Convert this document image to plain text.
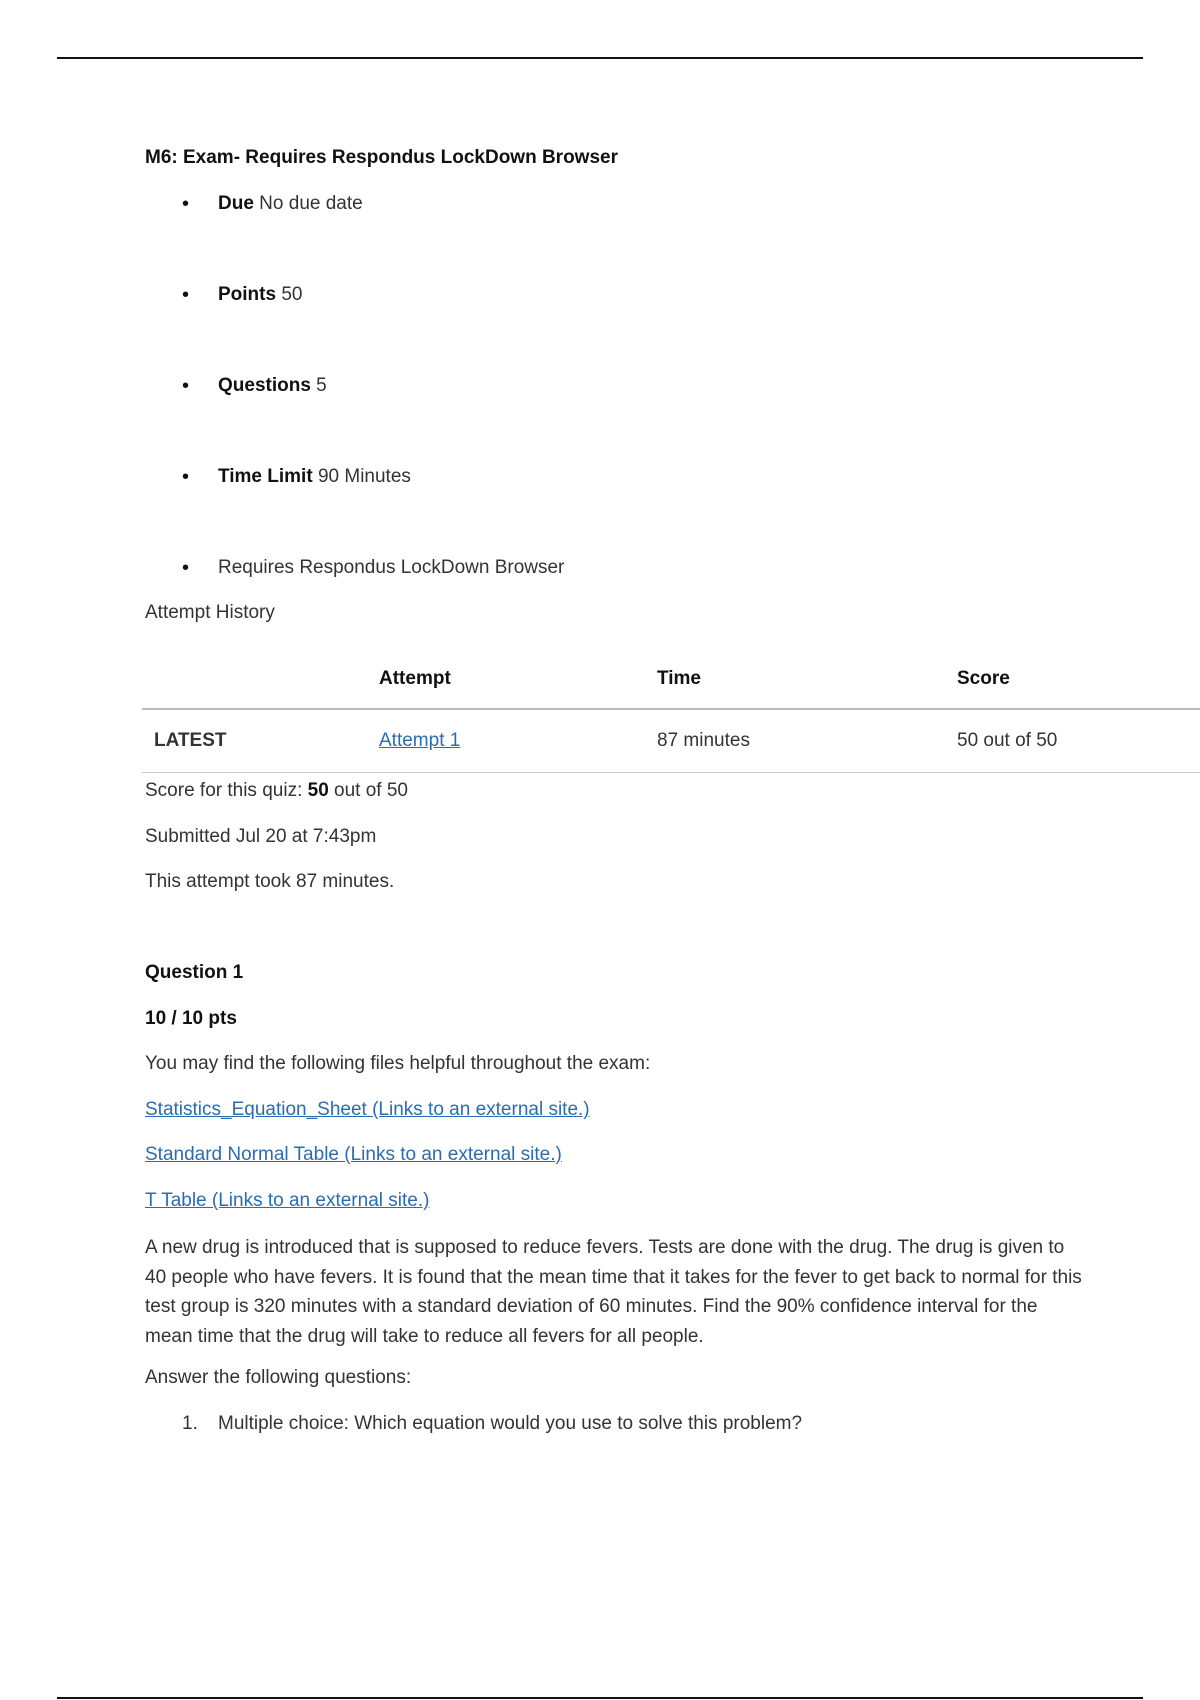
M6: Exam- Requires Respondus LockDown Browser
• Due No due date
• Points 50
• Questions 5
• Time Limit 90 Minutes
• Requires Respondus LockDown Browser
Attempt History
	Attempt	Time	Score
LATEST	Attempt 1	87 minutes	50 out of 50
Score for this quiz: 50 out of 50
Submitted Jul 20 at 7:43pm
This attempt took 87 minutes.
Question 1
10 / 10 pts
You may find the following files helpful throughout the exam:
Statistics_Equation_Sheet (Links to an external site.)
Standard Normal Table (Links to an external site.)
T Table (Links to an external site.)
A new drug is introduced that is supposed to reduce fevers. Tests are done with the drug. The drug is given to 40 people who have fevers. It is found that the mean time that it takes for the fever to get back to normal for this test group is 320 minutes with a standard deviation of 60 minutes. Find the 90% confidence interval for the mean time that the drug will take to reduce all fevers for all people.
Answer the following questions:
1. Multiple choice: Which equation would you use to solve this problem?
